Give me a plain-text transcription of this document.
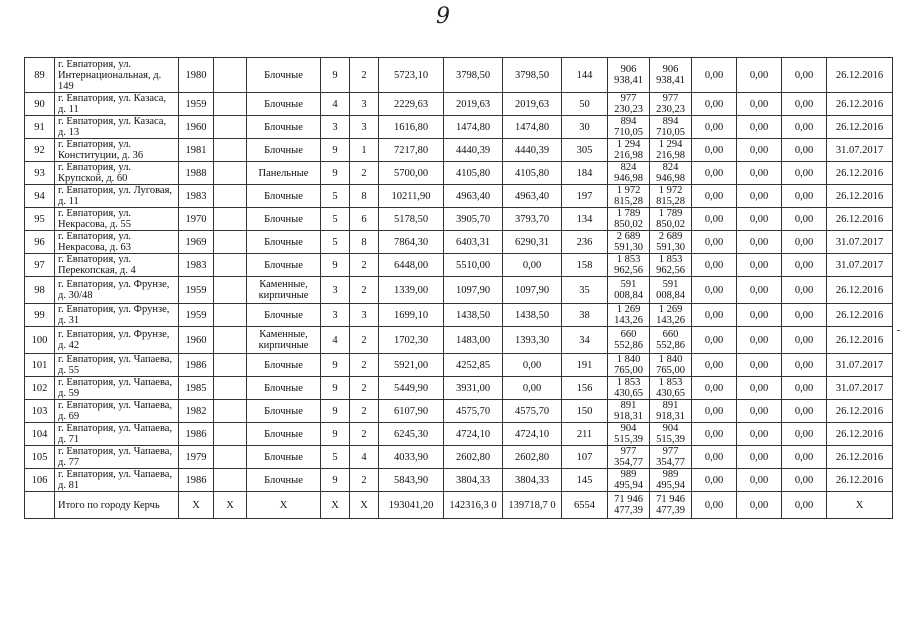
9
89	г. Евпатория, ул. Интернациональная, д. 149	1980		Блочные	9	2	5723,10	3798,50	3798,50	144	906 938,41	906 938,41	0,00	0,00	0,00	26.12.2016
90	г. Евпатория, ул. Казаса, д. 11	1959		Блочные	4	3	2229,63	2019,63	2019,63	50	977 230,23	977 230,23	0,00	0,00	0,00	26.12.2016
91	г. Евпатория, ул. Казаса, д. 13	1960		Блочные	3	3	1616,80	1474,80	1474,80	30	894 710,05	894 710,05	0,00	0,00	0,00	26.12.2016
92	г. Евпатория, ул. Конституции, д. 36	1981		Блочные	9	1	7217,80	4440,39	4440,39	305	1 294 216,98	1 294 216,98	0,00	0,00	0,00	31.07.2017
93	г. Евпатория, ул. Крупской, д. 60	1988		Панельные	9	2	5700,00	4105,80	4105,80	184	824 946,98	824 946,98	0,00	0,00	0,00	26.12.2016
94	г. Евпатория, ул. Луговая, д. 11	1983		Блочные	5	8	10211,90	4963,40	4963,40	197	1 972 815,28	1 972 815,28	0,00	0,00	0,00	26.12.2016
95	г. Евпатория, ул. Некрасова, д. 55	1970		Блочные	5	6	5178,50	3905,70	3793,70	134	1 789 850,02	1 789 850,02	0,00	0,00	0,00	26.12.2016
96	г. Евпатория, ул. Некрасова, д. 63	1969		Блочные	5	8	7864,30	6403,31	6290,31	236	2 689 591,30	2 689 591,30	0,00	0,00	0,00	31.07.2017
97	г. Евпатория, ул. Перекопская, д. 4	1983		Блочные	9	2	6448,00	5510,00	0,00	158	1 853 962,56	1 853 962,56	0,00	0,00	0,00	31.07.2017
98	г. Евпатория, ул. Фрунзе, д. 30/48	1959		Каменные, кирпичные	3	2	1339,00	1097,90	1097,90	35	591 008,84	591 008,84	0,00	0,00	0,00	26.12.2016
99	г. Евпатория, ул. Фрунзе, д. 31	1959		Блочные	3	3	1699,10	1438,50	1438,50	38	1 269 143,26	1 269 143,26	0,00	0,00	0,00	26.12.2016
100	г. Евпатория, ул. Фрунзе, д. 42	1960		Каменные, кирпичные	4	2	1702,30	1483,00	1393,30	34	660 552,86	660 552,86	0,00	0,00	0,00	26.12.2016
101	г. Евпатория, ул. Чапаева, д. 55	1986		Блочные	9	2	5921,00	4252,85	0,00	191	1 840 765,00	1 840 765,00	0,00	0,00	0,00	31.07.2017
102	г. Евпатория, ул. Чапаева, д. 59	1985		Блочные	9	2	5449,90	3931,00	0,00	156	1 853 430,65	1 853 430,65	0,00	0,00	0,00	31.07.2017
103	г. Евпатория, ул. Чапаева, д. 69	1982		Блочные	9	2	6107,90	4575,70	4575,70	150	891 918,31	891 918,31	0,00	0,00	0,00	26.12.2016
104	г. Евпатория, ул. Чапаева, д. 71	1986		Блочные	9	2	6245,30	4724,10	4724,10	211	904 515,39	904 515,39	0,00	0,00	0,00	26.12.2016
105	г. Евпатория, ул. Чапаева, д. 77	1979		Блочные	5	4	4033,90	2602,80	2602,80	107	977 354,77	977 354,77	0,00	0,00	0,00	26.12.2016
106	г. Евпатория, ул. Чапаева, д. 81	1986		Блочные	9	2	5843,90	3804,33	3804,33	145	989 495,94	989 495,94	0,00	0,00	0,00	26.12.2016
	Итого по городу Керчь	X	X	X	X	X	193041,20	142316,3 0	139718,7 0	6554	71 946 477,39	71 946 477,39	0,00	0,00	0,00	X
